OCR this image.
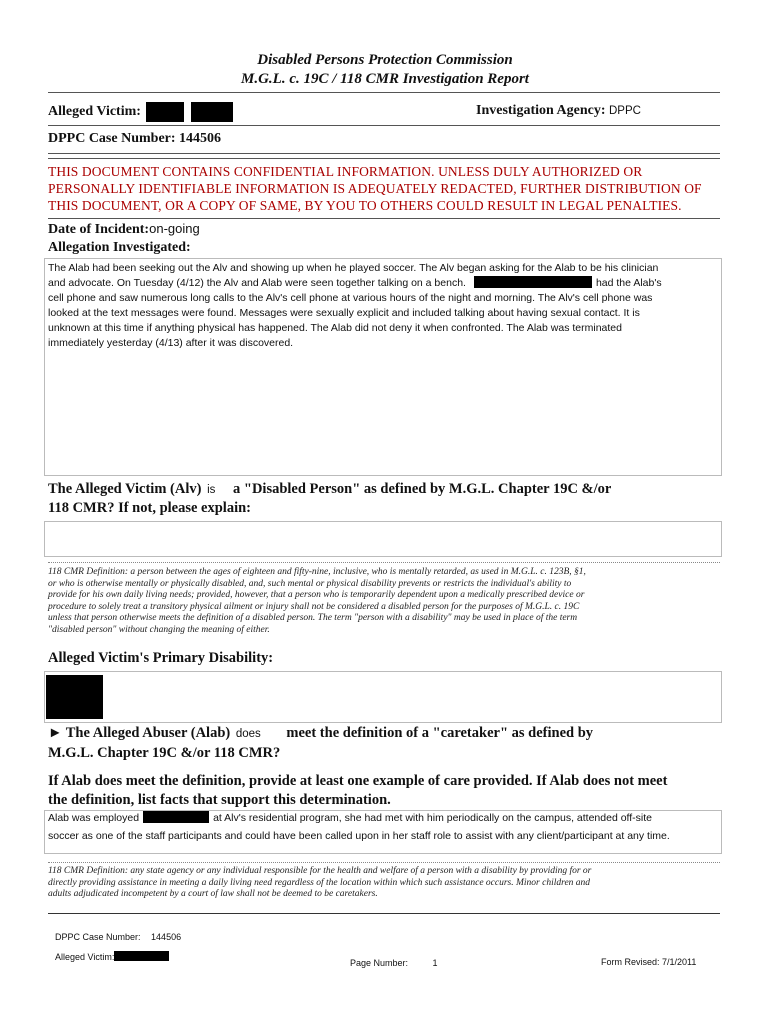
Disabled Persons Protection Commission
M.G.L. c. 19C / 118 CMR Investigation Report
Alleged Victim:	Investigation Agency: DPPC
DPPC Case Number: 144506
THIS DOCUMENT CONTAINS CONFIDENTIAL INFORMATION. UNLESS DULY AUTHORIZED OR
PERSONALLY IDENTIFIABLE INFORMATION IS ADEQUATELY REDACTED, FURTHER DISTRIBUTION OF
THIS DOCUMENT, OR A COPY OF SAME, BY YOU TO OTHERS COULD RESULT IN LEGAL PENALTIES.
Date of Incident:on-going
Allegation Investigated:
The Alab had been seeking out the Alv and showing up when he played soccer. The Alv began asking for the Alab to be his clinician
and advocate. On Tuesday (4/12) the Alv and Alab were seen together talking on a bench.	had the Alab's
cell phone and saw numerous long calls to the Alv's cell phone at various hours of the night and morning. The Alv's cell phone was
looked at the text messages were found. Messages were sexually explicit and included talking about having sexual contact. It is
unknown at this time if anything physical has happened. The Alab did not deny it when confronted. The Alab was terminated
immediately yesterday (4/13) after it was discovered.
The Alleged Victim (Alv) is a "Disabled Person" as defined by M.G.L. Chapter 19C &/or
118 CMR? If not, please explain:
118 CMR Definition: a person between the ages of eighteen and fifty-nine, inclusive, who is mentally retarded, as used in M.G.L. c. 123B, §1,
or who is otherwise mentally or physically disabled, and, such mental or physical disability prevents or restricts the individual's ability to
provide for his own daily living needs; provided, however, that a person who is temporarily dependent upon a medically prescribed device or
procedure to solely treat a transitory physical ailment or injury shall not be considered a disabled person for the purposes of M.G.L. c. 19C
unless that person otherwise meets the definition of a disabled person. The term "person with a disability" may be used in place of the term
"disabled person" without changing the meaning of either.
Alleged Victim's Primary Disability:
► The Alleged Abuser (Alab) does meet the definition of a "caretaker" as defined by
M.G.L. Chapter 19C &/or 118 CMR?
If Alab does meet the definition, provide at least one example of care provided. If Alab does not meet
the definition, list facts that support this determination.
Alab was employed	at Alv's residential program, she had met with him periodically on the campus, attended off-site
soccer as one of the staff participants and could have been called upon in her staff role to assist with any client/participant at any time.
118 CMR Definition: any state agency or any individual responsible for the health and welfare of a person with a disability by providing for or
directly providing assistance in meeting a daily living need regardless of the location within which such assistance occurs. Minor children and
adults adjudicated incompetent by a court of law shall not be deemed to be caretakers.
DPPC Case Number: 144506
Alleged Victim:
Page Number:	1	Form Revised: 7/1/2011
